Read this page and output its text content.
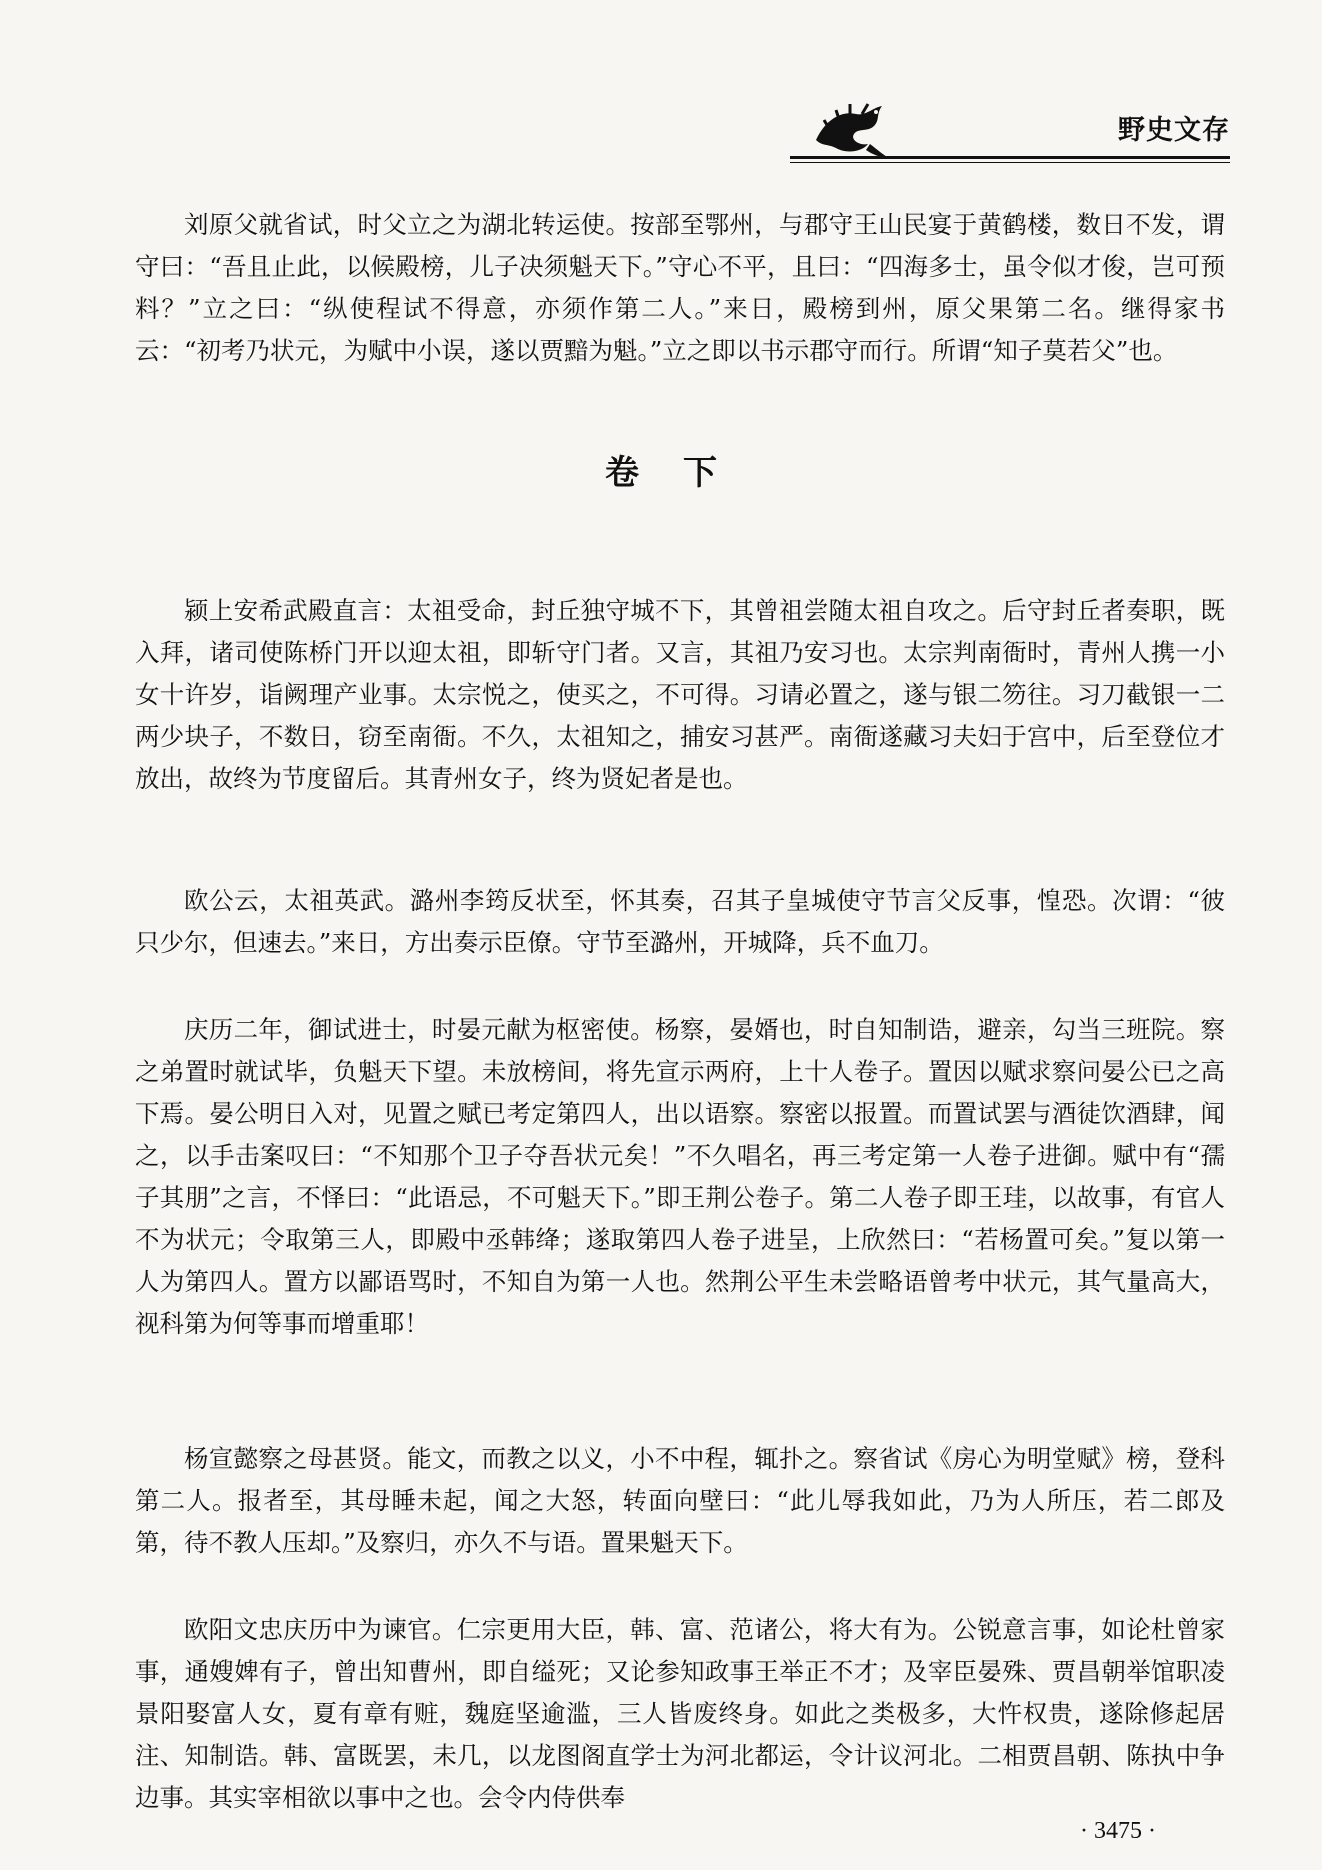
野史文存

刘原父就省试，时父立之为湖北转运使。按部至鄂州，与郡守王山民宴于黄鹤楼，数日不发，谓守曰：“吾且止此，以候殿榜，儿子决须魁天下。”守心不平，且曰：“四海多士，虽令似才俊，岂可预料？”立之曰：“纵使程试不得意，亦须作第二人。”来日，殿榜到州，原父果第二名。继得家书云：“初考乃状元，为赋中小误，遂以贾黯为魁。”立之即以书示郡守而行。所谓“知子莫若父”也。

卷下

颍上安希武殿直言：太祖受命，封丘独守城不下，其曾祖尝随太祖自攻之。后守封丘者奏职，既入拜，诸司使陈桥门开以迎太祖，即斩守门者。又言，其祖乃安习也。太宗判南衙时，青州人携一小女十许岁，诣阙理产业事。太宗悦之，使买之，不可得。习请必置之，遂与银二笏往。习刀截银一二两少块子，不数日，窃至南衙。不久，太祖知之，捕安习甚严。南衙遂藏习夫妇于宫中，后至登位才放出，故终为节度留后。其青州女子，终为贤妃者是也。

欧公云，太祖英武。潞州李筠反状至，怀其奏，召其子皇城使守节言父反事，惶恐。次谓：“彼只少尔，但速去。”来日，方出奏示臣僚。守节至潞州，开城降，兵不血刀。

庆历二年，御试进士，时晏元献为枢密使。杨察，晏婿也，时自知制诰，避亲，勾当三班院。察之弟置时就试毕，负魁天下望。未放榜间，将先宣示两府，上十人卷子。置因以赋求察问晏公已之高下焉。晏公明日入对，见置之赋已考定第四人，出以语察。察密以报置。而置试罢与酒徒饮酒肆，闻之，以手击案叹曰：“不知那个卫子夺吾状元矣！”不久唱名，再三考定第一人卷子进御。赋中有“孺子其朋”之言，不怿曰：“此语忌，不可魁天下。”即王荆公卷子。第二人卷子即王珪，以故事，有官人不为状元；令取第三人，即殿中丞韩绛；遂取第四人卷子进呈，上欣然曰：“若杨置可矣。”复以第一人为第四人。置方以鄙语骂时，不知自为第一人也。然荆公平生未尝略语曾考中状元，其气量高大，视科第为何等事而增重耶！

杨宣懿察之母甚贤。能文，而教之以义，小不中程，辄扑之。察省试《房心为明堂赋》榜，登科第二人。报者至，其母睡未起，闻之大怒，转面向壁曰：“此儿辱我如此，乃为人所压，若二郎及第，待不教人压却。”及察归，亦久不与语。置果魁天下。

欧阳文忠庆历中为谏官。仁宗更用大臣，韩、富、范诸公，将大有为。公锐意言事，如论杜曾家事，通嫂婢有子，曾出知曹州，即自缢死；又论参知政事王举正不才；及宰臣晏殊、贾昌朝举馆职凌景阳娶富人女，夏有章有赃，魏庭坚逾滥，三人皆废终身。如此之类极多，大忤权贵，遂除修起居注、知制诰。韩、富既罢，未几，以龙图阁直学士为河北都运，令计议河北。二相贾昌朝、陈执中争边事。其实宰相欲以事中之也。会令内侍供奉

· 3475 ·
